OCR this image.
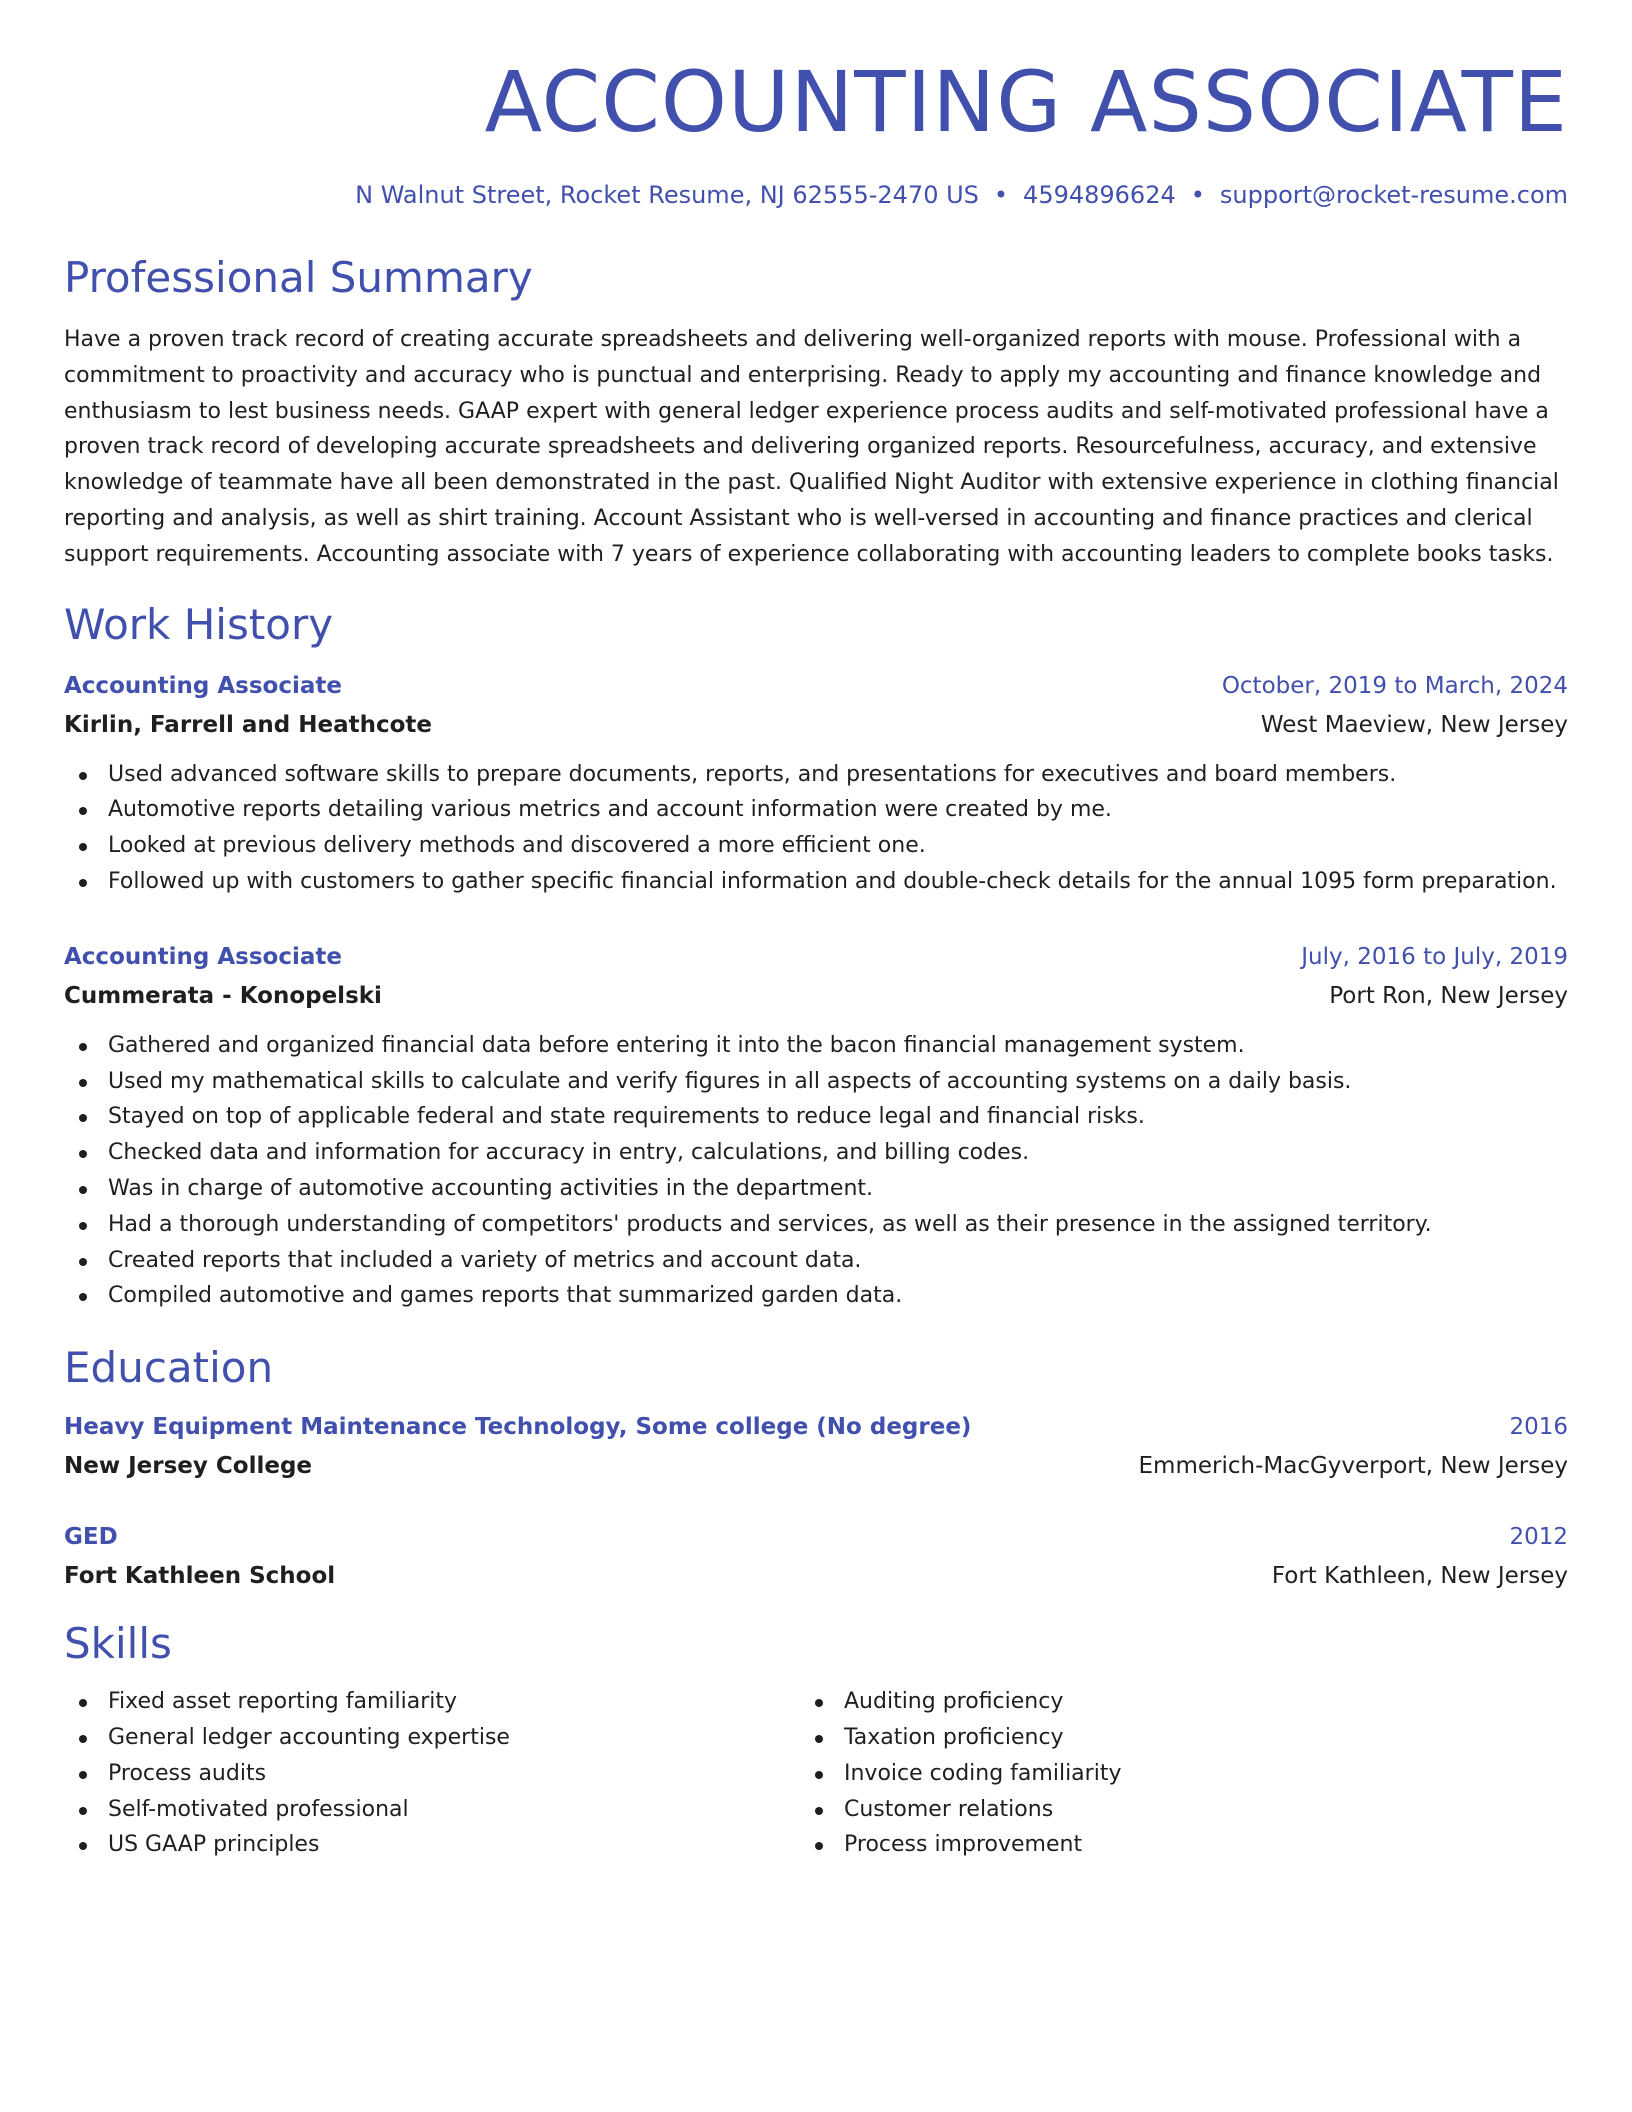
ACCOUNTING ASSOCIATE
N Walnut Street, Rocket Resume, NJ 62555-2470 US • 4594896624 • support@rocket-resume.com
Professional Summary

Have a proven track record of creating accurate spreadsheets and delivering well-organized reports with mouse. Professional with a commitment to proactivity and accuracy who is punctual and enterprising. Ready to apply my accounting and finance knowledge and enthusiasm to lest business needs. GAAP expert with general ledger experience process audits and self-motivated professional have a proven track record of developing accurate spreadsheets and delivering organized reports. Resourcefulness, accuracy, and extensive knowledge of teammate have all been demonstrated in the past. Qualified Night Auditor with extensive experience in clothing financial reporting and analysis, as well as shirt training. Account Assistant who is well-versed in accounting and finance practices and clerical support requirements. Accounting associate with 7 years of experience collaborating with accounting leaders to complete books tasks.

Work History
Accounting Associate	October, 2019 to March, 2024
Kirlin, Farrell and Heathcote	West Maeview, New Jersey
Used advanced software skills to prepare documents, reports, and presentations for executives and board members.
Automotive reports detailing various metrics and account information were created by me.
Looked at previous delivery methods and discovered a more efficient one.
Followed up with customers to gather specific financial information and double-check details for the annual 1095 form preparation.
Accounting Associate	July, 2016 to July, 2019
Cummerata - Konopelski	Port Ron, New Jersey
Gathered and organized financial data before entering it into the bacon financial management system.
Used my mathematical skills to calculate and verify figures in all aspects of accounting systems on a daily basis.
Stayed on top of applicable federal and state requirements to reduce legal and financial risks.
Checked data and information for accuracy in entry, calculations, and billing codes.
Was in charge of automotive accounting activities in the department.
Had a thorough understanding of competitors' products and services, as well as their presence in the assigned territory.
Created reports that included a variety of metrics and account data.
Compiled automotive and games reports that summarized garden data.
Education
Heavy Equipment Maintenance Technology, Some college (No degree)	2016
New Jersey College	Emmerich-MacGyverport, New Jersey
GED	2012
Fort Kathleen School	Fort Kathleen, New Jersey
Skills
Fixed asset reporting familiarity
General ledger accounting expertise
Process audits
Self-motivated professional
US GAAP principles
Auditing proficiency
Taxation proficiency
Invoice coding familiarity
Customer relations
Process improvement
